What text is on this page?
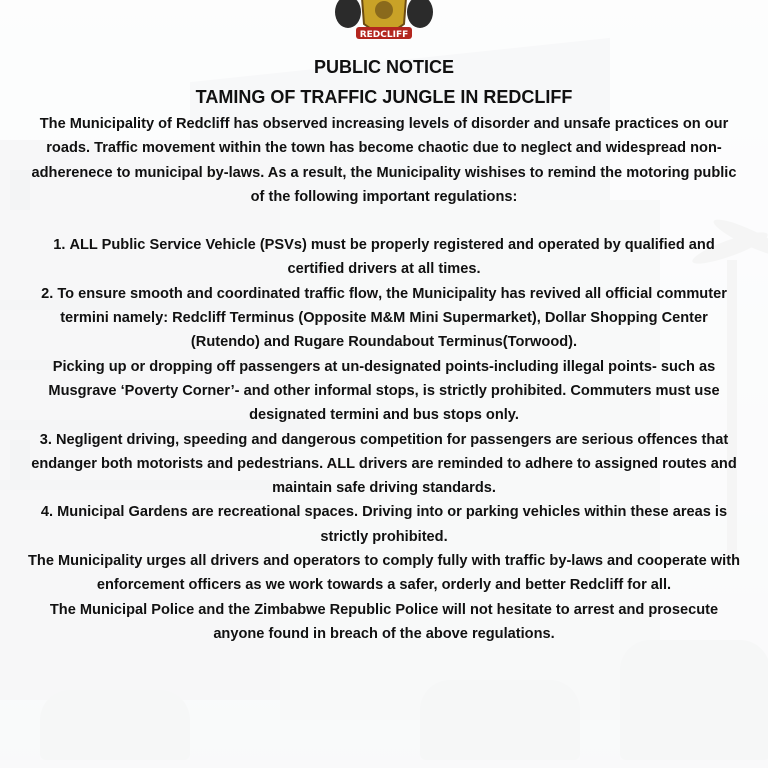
REDCLIFF

PUBLIC NOTICE

TAMING OF TRAFFIC JUNGLE IN REDCLIFF

The Municipality of Redcliff has observed increasing levels of disorder and unsafe practices on our roads. Traffic movement within the town has become chaotic due to neglect and widespread non-adherenece to municipal by-laws. As a result, the Municipality wishises to remind the motoring public of the following important regulations:

1. ALL Public Service Vehicle (PSVs) must be properly registered and operated by qualified and certified drivers at all times.

2. To ensure smooth and coordinated traffic flow, the Municipality has revived all official commuter termini namely: Redcliff Terminus (Opposite M&M Mini Supermarket), Dollar Shopping Center (Rutendo) and Rugare Roundabout Terminus(Torwood).

Picking up or dropping off passengers at un-designated points-including illegal points- such as Musgrave ‘Poverty Corner’- and other informal stops, is strictly prohibited. Commuters must use designated termini and bus stops only.

3. Negligent driving, speeding and dangerous competition for passengers are serious offences that endanger both motorists and pedestrians. ALL drivers are reminded to adhere to assigned routes and maintain safe driving standards.

4. Municipal Gardens are recreational spaces. Driving into or parking vehicles within these areas is strictly prohibited.

The Municipality urges all drivers and operators to comply fully with traffic by-laws and cooperate with enforcement officers as we work towards a safer, orderly and better Redcliff for all.

The Municipal Police and the Zimbabwe Republic Police will not hesitate to arrest and prosecute anyone found in breach of the above regulations.
